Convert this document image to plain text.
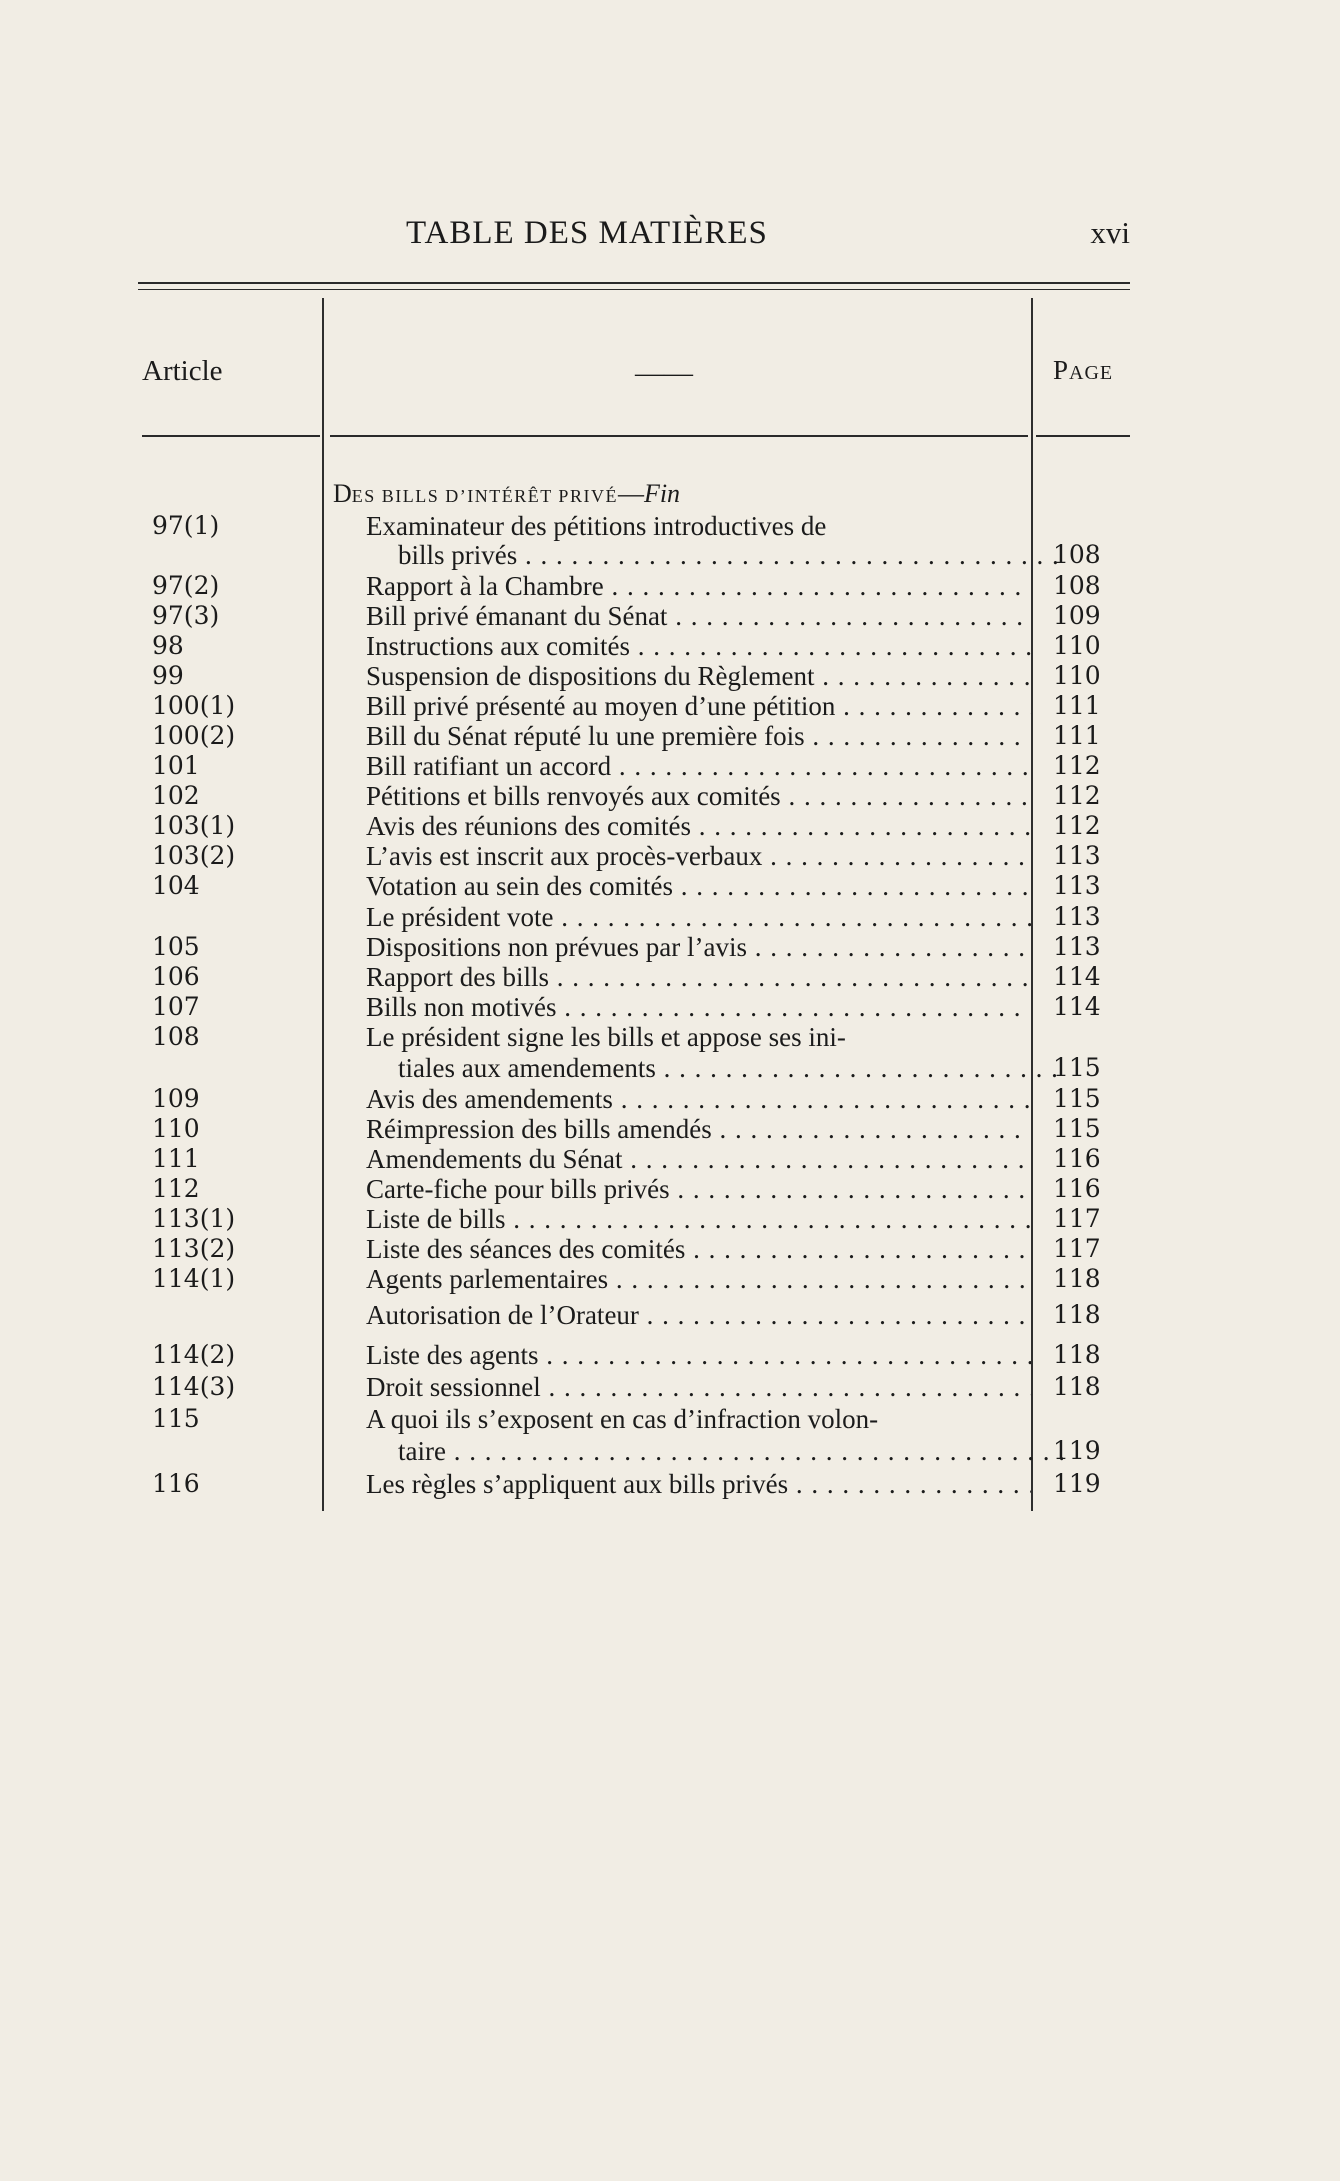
TABLE DES MATIÈRES	xvi
Article	——	PAGE
DES BILLS D’INTÉRÊT PRIVÉ—Fin
97(1)	Examinateur des pétitions introductives de
bills privés . . .	108
97(2)	Rapport à la Chambre . . .	108
97(3)	Bill privé émanant du Sénat . . .	109
98	Instructions aux comités . . .	110
99	Suspension de dispositions du Règlement . . .	110
100(1)	Bill privé présenté au moyen d’une pétition . . .	111
100(2)	Bill du Sénat réputé lu une première fois . . .	111
101	Bill ratifiant un accord . . .	112
102	Pétitions et bills renvoyés aux comités . . .	112
103(1)	Avis des réunions des comités . . .	112
103(2)	L’avis est inscrit aux procès-verbaux . . .	113
104	Votation au sein des comités . . .	113
Le président vote . . .	113
105	Dispositions non prévues par l’avis . . .	113
106	Rapport des bills . . .	114
107	Bills non motivés . . .	114
108	Le président signe les bills et appose ses ini-
tiales aux amendements . . .	115
109	Avis des amendements . . .	115
110	Réimpression des bills amendés . . .	115
111	Amendements du Sénat . . .	116
112	Carte-fiche pour bills privés . . .	116
113(1)	Liste de bills . . .	117
113(2)	Liste des séances des comités . . .	117
114(1)	Agents parlementaires . . .	118
Autorisation de l’Orateur . . .	118
114(2)	Liste des agents . . .	118
114(3)	Droit sessionnel . . .	118
115	A quoi ils s’exposent en cas d’infraction volon-
taire . . .	119
116	Les règles s’appliquent aux bills privés . . .	119
